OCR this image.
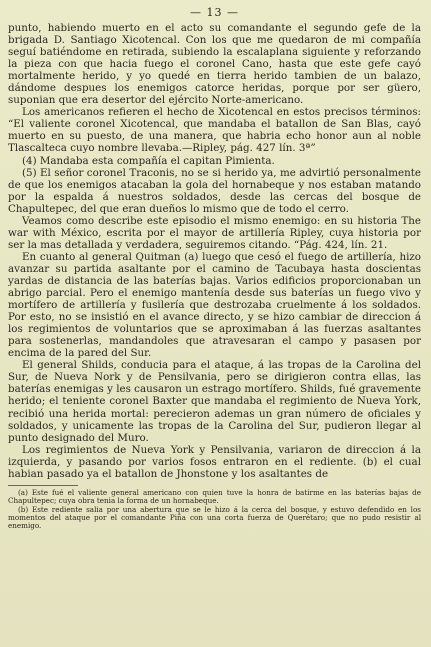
— 13 —

punto, habiendo muerto en el acto su comandante el segundo gefe de la brigada D. Santiago Xicotencal. Con los que me quedaron de mi compañía seguí batiéndome en retirada, subiendo la escalaplana siguiente y reforzando la pieza con que hacia fuego el coronel Cano, hasta que este gefe cayó mortalmente herido, y yo quedé en tierra herido tambien de un balazo, dándome despues los enemigos catorce heridas, porque por ser güero, suponian que era desertor del ejército Norte-americano.

Los americanos refieren el hecho de Xicotencal en estos precisos términos: “El valiente coronel Xicotencal, que mandaba el batallon de San Blas, cayó muerto en su puesto, de una manera, que habria echo honor aun al noble Tlascalteca cuyo nombre llevaba.—Ripley, pág. 427 lín. 3ª”

(4) Mandaba esta compañía el capitan Pimienta.

(5) El señor coronel Traconis, no se si herido ya, me advirtió personalmente de que los enemigos atacaban la gola del hornabeque y nos estaban matando por la espalda á nuestros soldados, desde las cercas del bosque de Chapultepec, del que eran dueños lo mismo que de todo el cerro.

Veamos como describe este episodio el mismo enemigo: en su historia The war with México, escrita por el mayor de artillería Ripley, cuya historia por ser la mas detallada y verdadera, seguiremos citando. “Pág. 424, lín. 21.

En cuanto al general Quitman (a) luego que cesó el fuego de artillería, hizo avanzar su partida asaltante por el camino de Tacubaya hasta doscientas yardas de distancia de las baterías bajas. Varios edificios proporcionaban un abrigo parcial. Pero el enemigo mantenía desde sus baterías un fuego vivo y mortífero de artillería y fusilería que destrozaba cruelmente á los soldados. Por esto, no se insistió en el avance directo, y se hizo cambiar de direccion á los regimientos de voluntarios que se aproximaban á las fuerzas asaltantes para sostenerlas, mandandoles que atravesaran el campo y pasasen por encima de la pared del Sur.

El general Shilds, conducia para el ataque, á las tropas de la Carolina del Sur, de Nueva Nork y de Pensilvania, pero se dirigieron contra ellas, las baterías enemigas y les causaron un estrago mortífero. Shilds, fué gravemente herido; el teniente coronel Baxter que mandaba el regimiento de Nueva York, recibió una herida mortal: perecieron ademas un gran número de oficiales y soldados, y unicamente las tropas de la Carolina del Sur, pudieron llegar al punto designado del Muro.

Los regimientos de Nueva York y Pensilvania, variaron de direccion á la izquierda, y pasando por varios fosos entraron en el rediente. (b) el cual habian pasado ya el batallon de Jhonstone y los asaltantes de

(a) Este fué el valiente general americano con quien tuve la honra de batirme en las baterías bajas de Chapultepec; cuya obra tenia la forma de un hornabeque.

(b) Este rediente salia por una abertura que se le hizo á la cerca del bosque, y estuvo defendido en los momentos del ataque por el comandante Piña con una corta fuerza de Querétaro; que no pudo resistir al enemigo.
